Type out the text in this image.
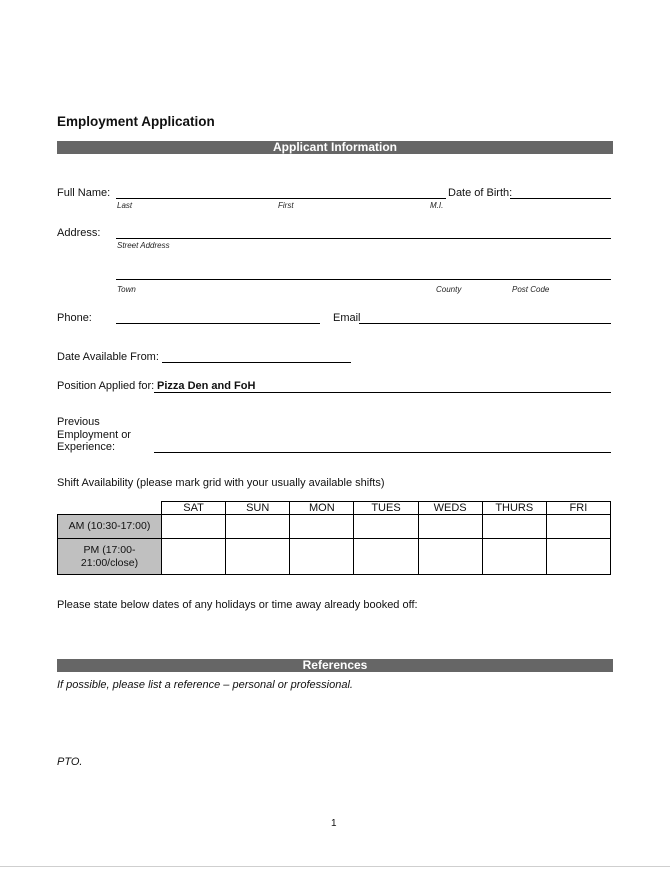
Employment Application
Applicant Information
Full Name:
Last	First	M.I.
Date of Birth:
Address:
Street Address
Town	County	Post Code
Phone:	Email
Date Available From:
Position Applied for: Pizza Den and FoH
Previous
Employment or
Experience:
Shift Availability (please mark grid with your usually available shifts)
	SAT	SUN	MON	TUES	WEDS	THURS	FRI
AM (10:30-17:00)							

PM (17:00-
21:00/close)							

Please state below dates of any holidays or time away already booked off:
References
If possible, please list a reference – personal or professional.
PTO.
1
